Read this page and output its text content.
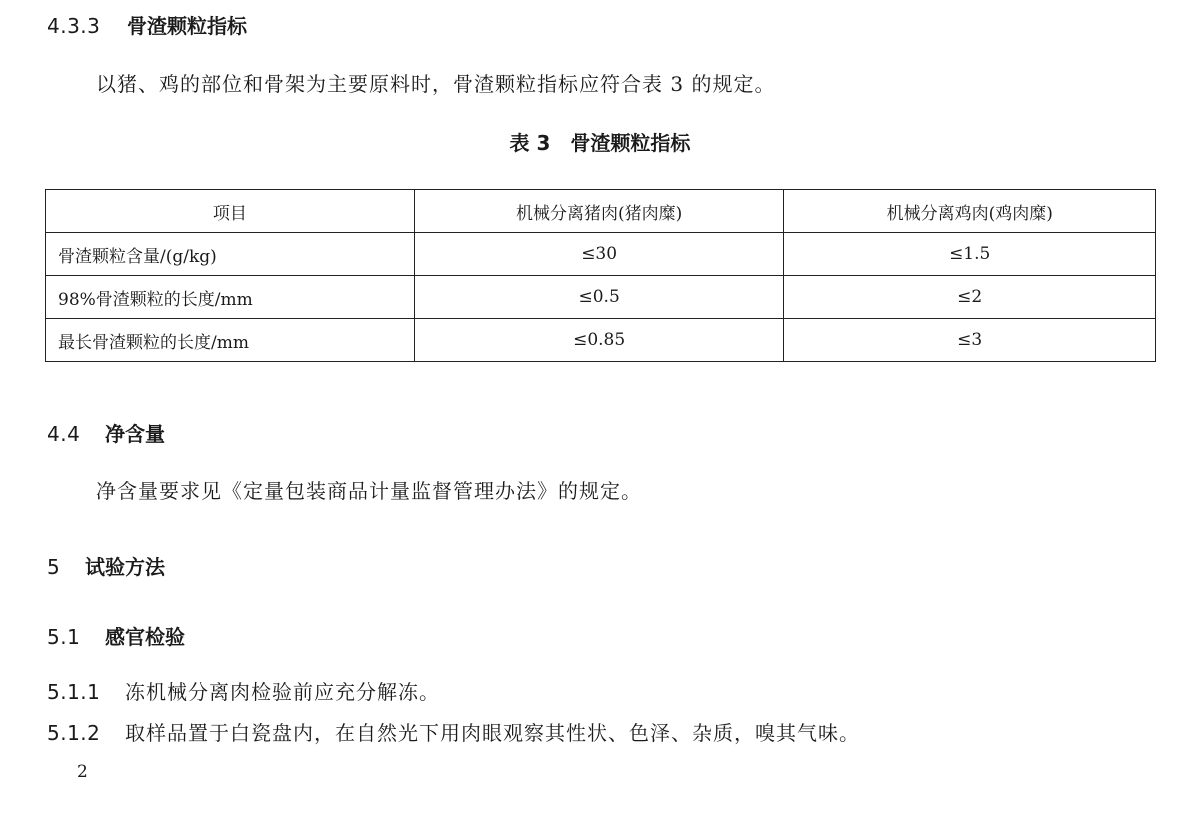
4.3.3 骨渣颗粒指标
以猪、鸡的部位和骨架为主要原料时，骨渣颗粒指标应符合表 3 的规定。
表 3　骨渣颗粒指标
项目	机械分离猪肉(猪肉糜)	机械分离鸡肉(鸡肉糜)
骨渣颗粒含量/(g/kg)	≤30	≤1.5
98%骨渣颗粒的长度/mm	≤0.5	≤2
最长骨渣颗粒的长度/mm	≤0.85	≤3
4.4 净含量
净含量要求见《定量包装商品计量监督管理办法》的规定。
5 试验方法
5.1 感官检验
5.1.1 冻机械分离肉检验前应充分解冻。
5.1.2 取样品置于白瓷盘内，在自然光下用肉眼观察其性状、色泽、杂质，嗅其气味。
2
